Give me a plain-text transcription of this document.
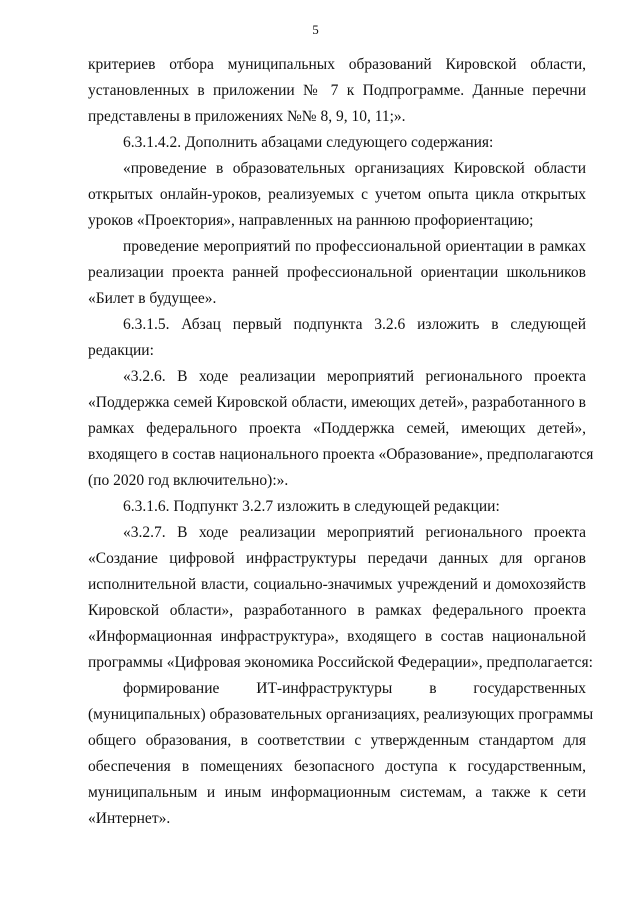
5
критериев отбора муниципальных образований Кировской области,
установленных в приложении № 7 к Подпрограмме. Данные перечни
представлены в приложениях №№ 8, 9, 10, 11;».
6.3.1.4.2. Дополнить абзацами следующего содержания:
«проведение в образовательных организациях Кировской области
открытых онлайн-уроков, реализуемых с учетом опыта цикла открытых
уроков «Проектория», направленных на раннюю профориентацию;
проведение мероприятий по профессиональной ориентации в рамках
реализации проекта ранней профессиональной ориентации школьников
«Билет в будущее».
6.3.1.5. Абзац первый подпункта 3.2.6 изложить в следующей
редакции:
«3.2.6. В ходе реализации мероприятий регионального проекта
«Поддержка семей Кировской области, имеющих детей», разработанного в
рамках федерального проекта «Поддержка семей, имеющих детей»,
входящего в состав национального проекта «Образование», предполагаются
(по 2020 год включительно):».
6.3.1.6. Подпункт 3.2.7 изложить в следующей редакции:
«3.2.7. В ходе реализации мероприятий регионального проекта
«Создание цифровой инфраструктуры передачи данных для органов
исполнительной власти, социально-значимых учреждений и домохозяйств
Кировской области», разработанного в рамках федерального проекта
«Информационная инфраструктура», входящего в состав национальной
программы «Цифровая экономика Российской Федерации», предполагается:
формирование ИТ-инфраструктуры в государственных
(муниципальных) образовательных организациях, реализующих программы
общего образования, в соответствии с утвержденным стандартом для
обеспечения в помещениях безопасного доступа к государственным,
муниципальным и иным информационным системам, а также к сети
«Интернет».
